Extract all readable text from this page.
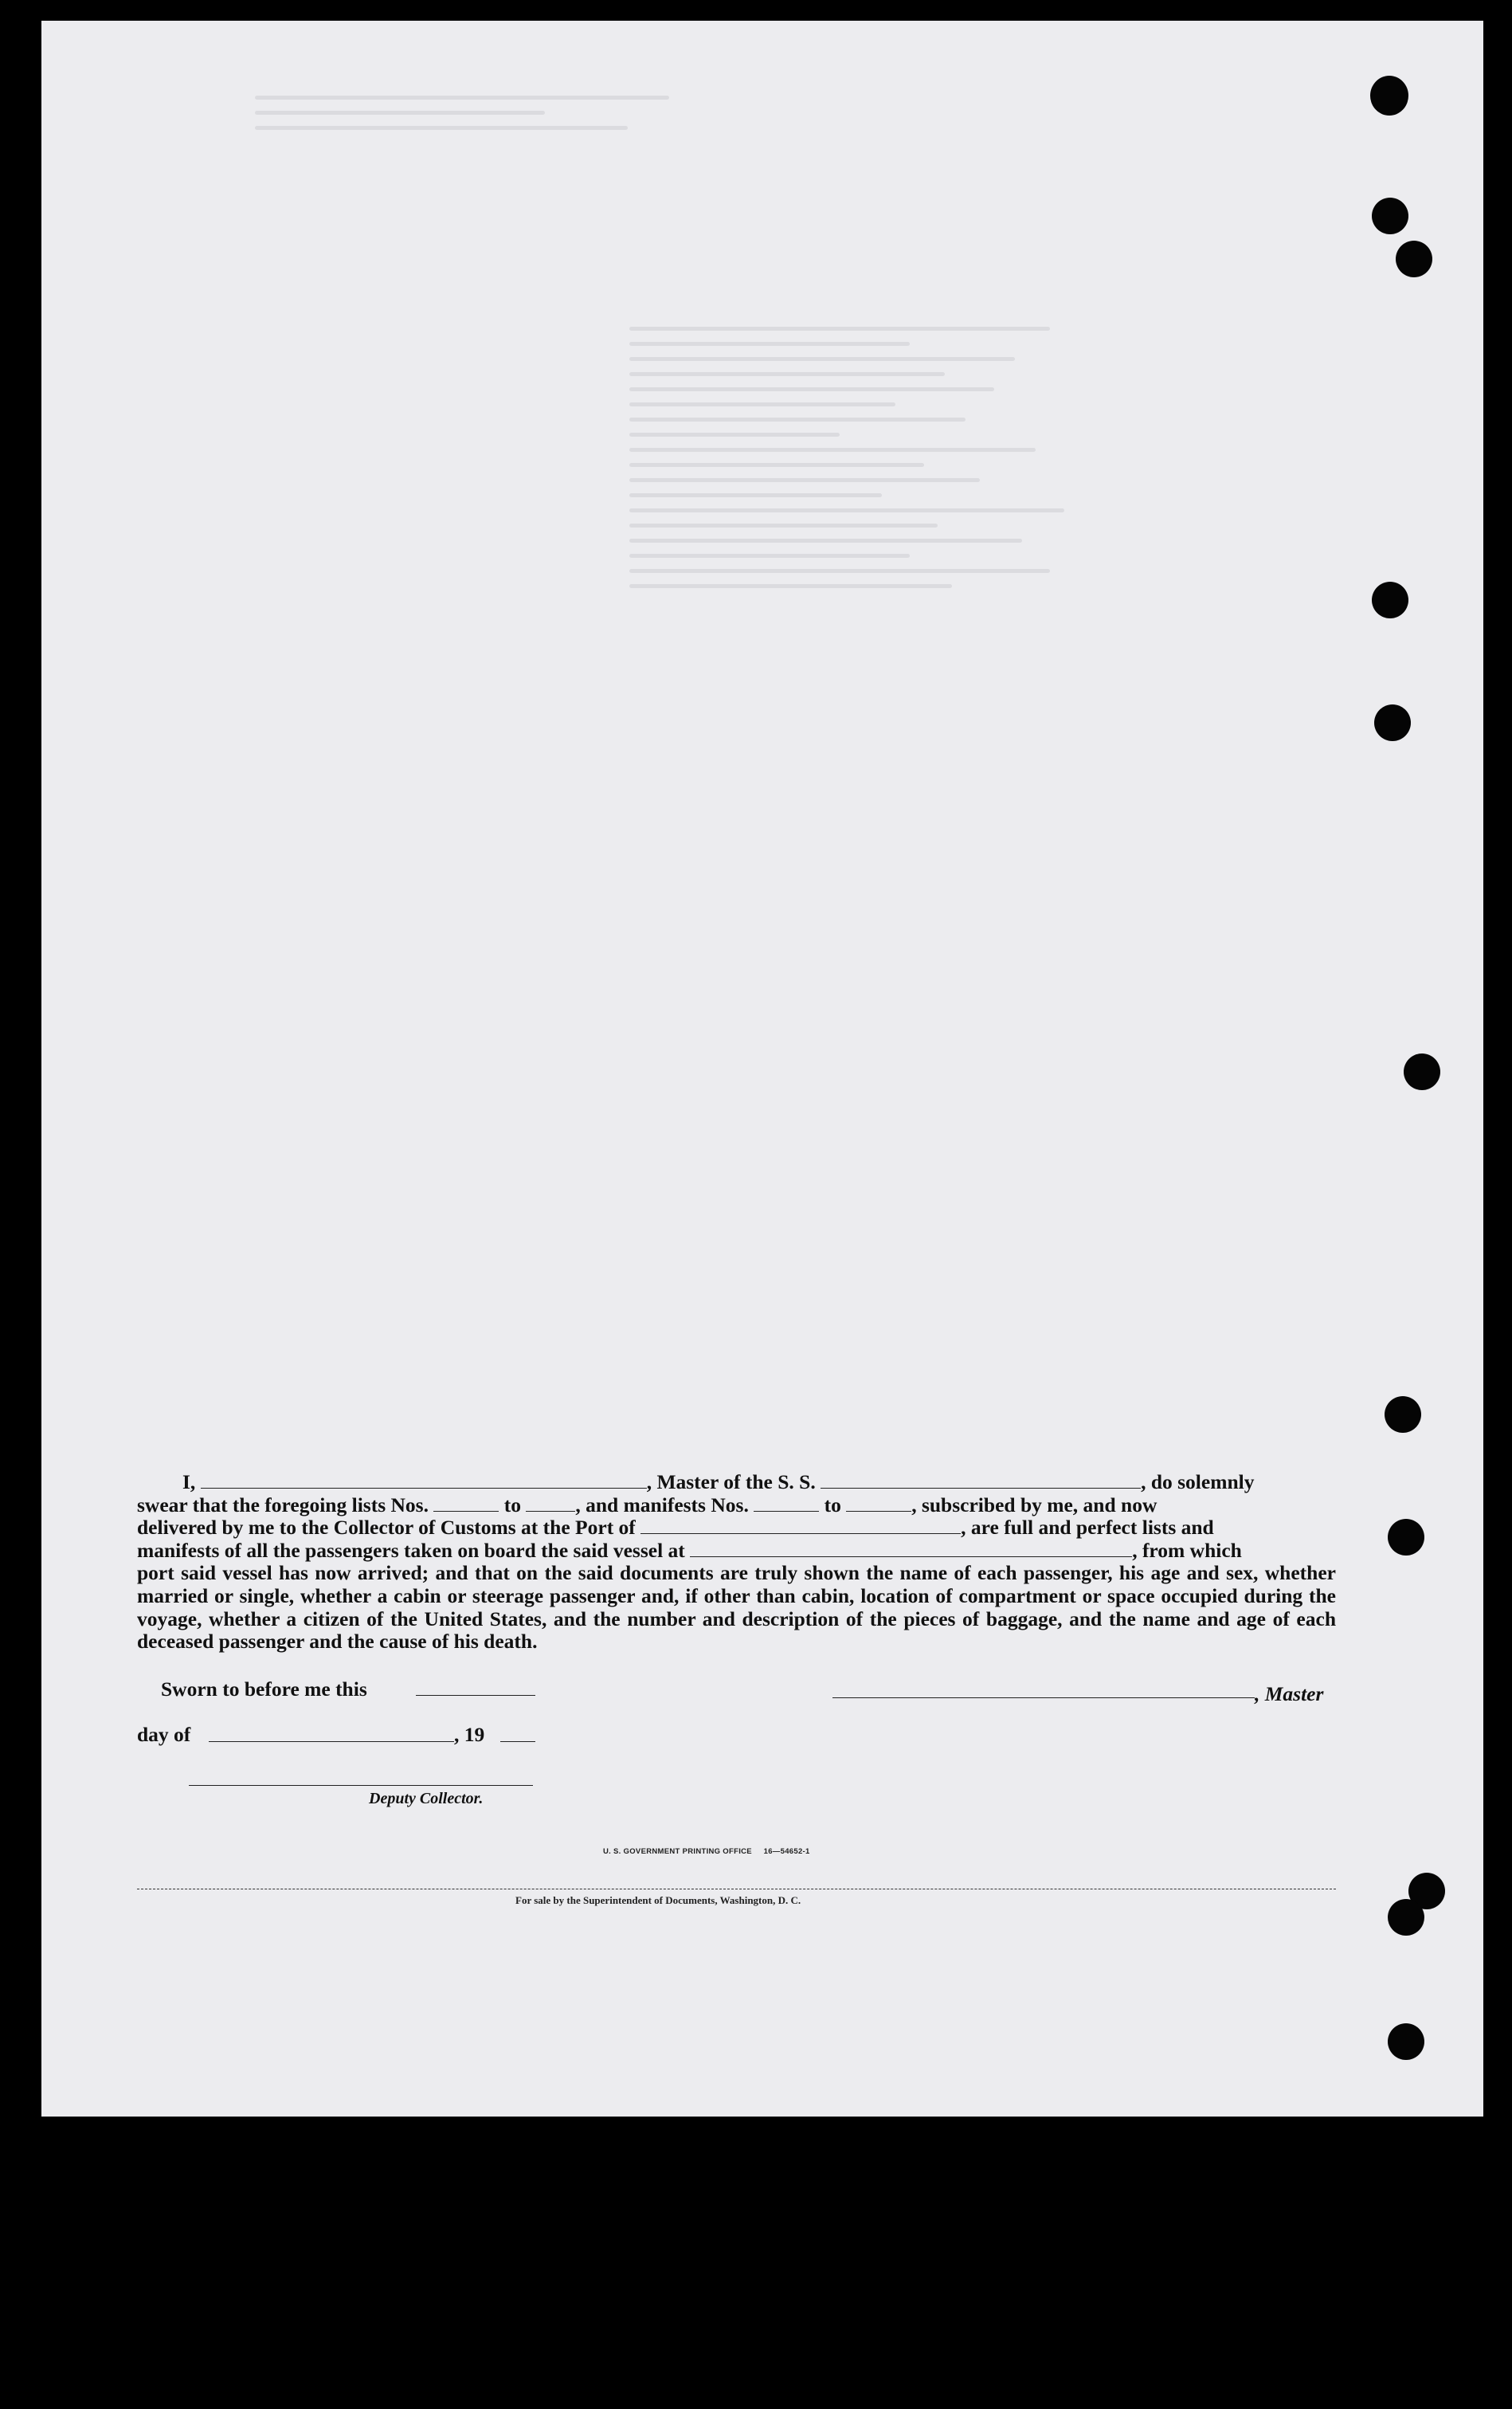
I,	, Master of the S. S.	, do solemnly
swear that the foregoing lists Nos.	to	, and manifests Nos.	to	, subscribed by me, and now
delivered by me to the Collector of Customs at the Port of	, are full and perfect lists and
manifests of all the passengers taken on board the said vessel at	, from which
port said vessel has now arrived; and that on the said documents are truly shown the name of each passenger, his age and sex, whether married or single, whether a cabin or steerage passenger and, if other than cabin, location of compartment or space occupied during the voyage, whether a citizen of the United States, and the number and description of the pieces of baggage, and the name and age of each deceased passenger and the cause of his death.
Sworn to before me this	, Master
day of	, 19
Deputy Collector.
U. S. GOVERNMENT PRINTING OFFICE     16—54652-1
For sale by the Superintendent of Documents, Washington, D. C.
